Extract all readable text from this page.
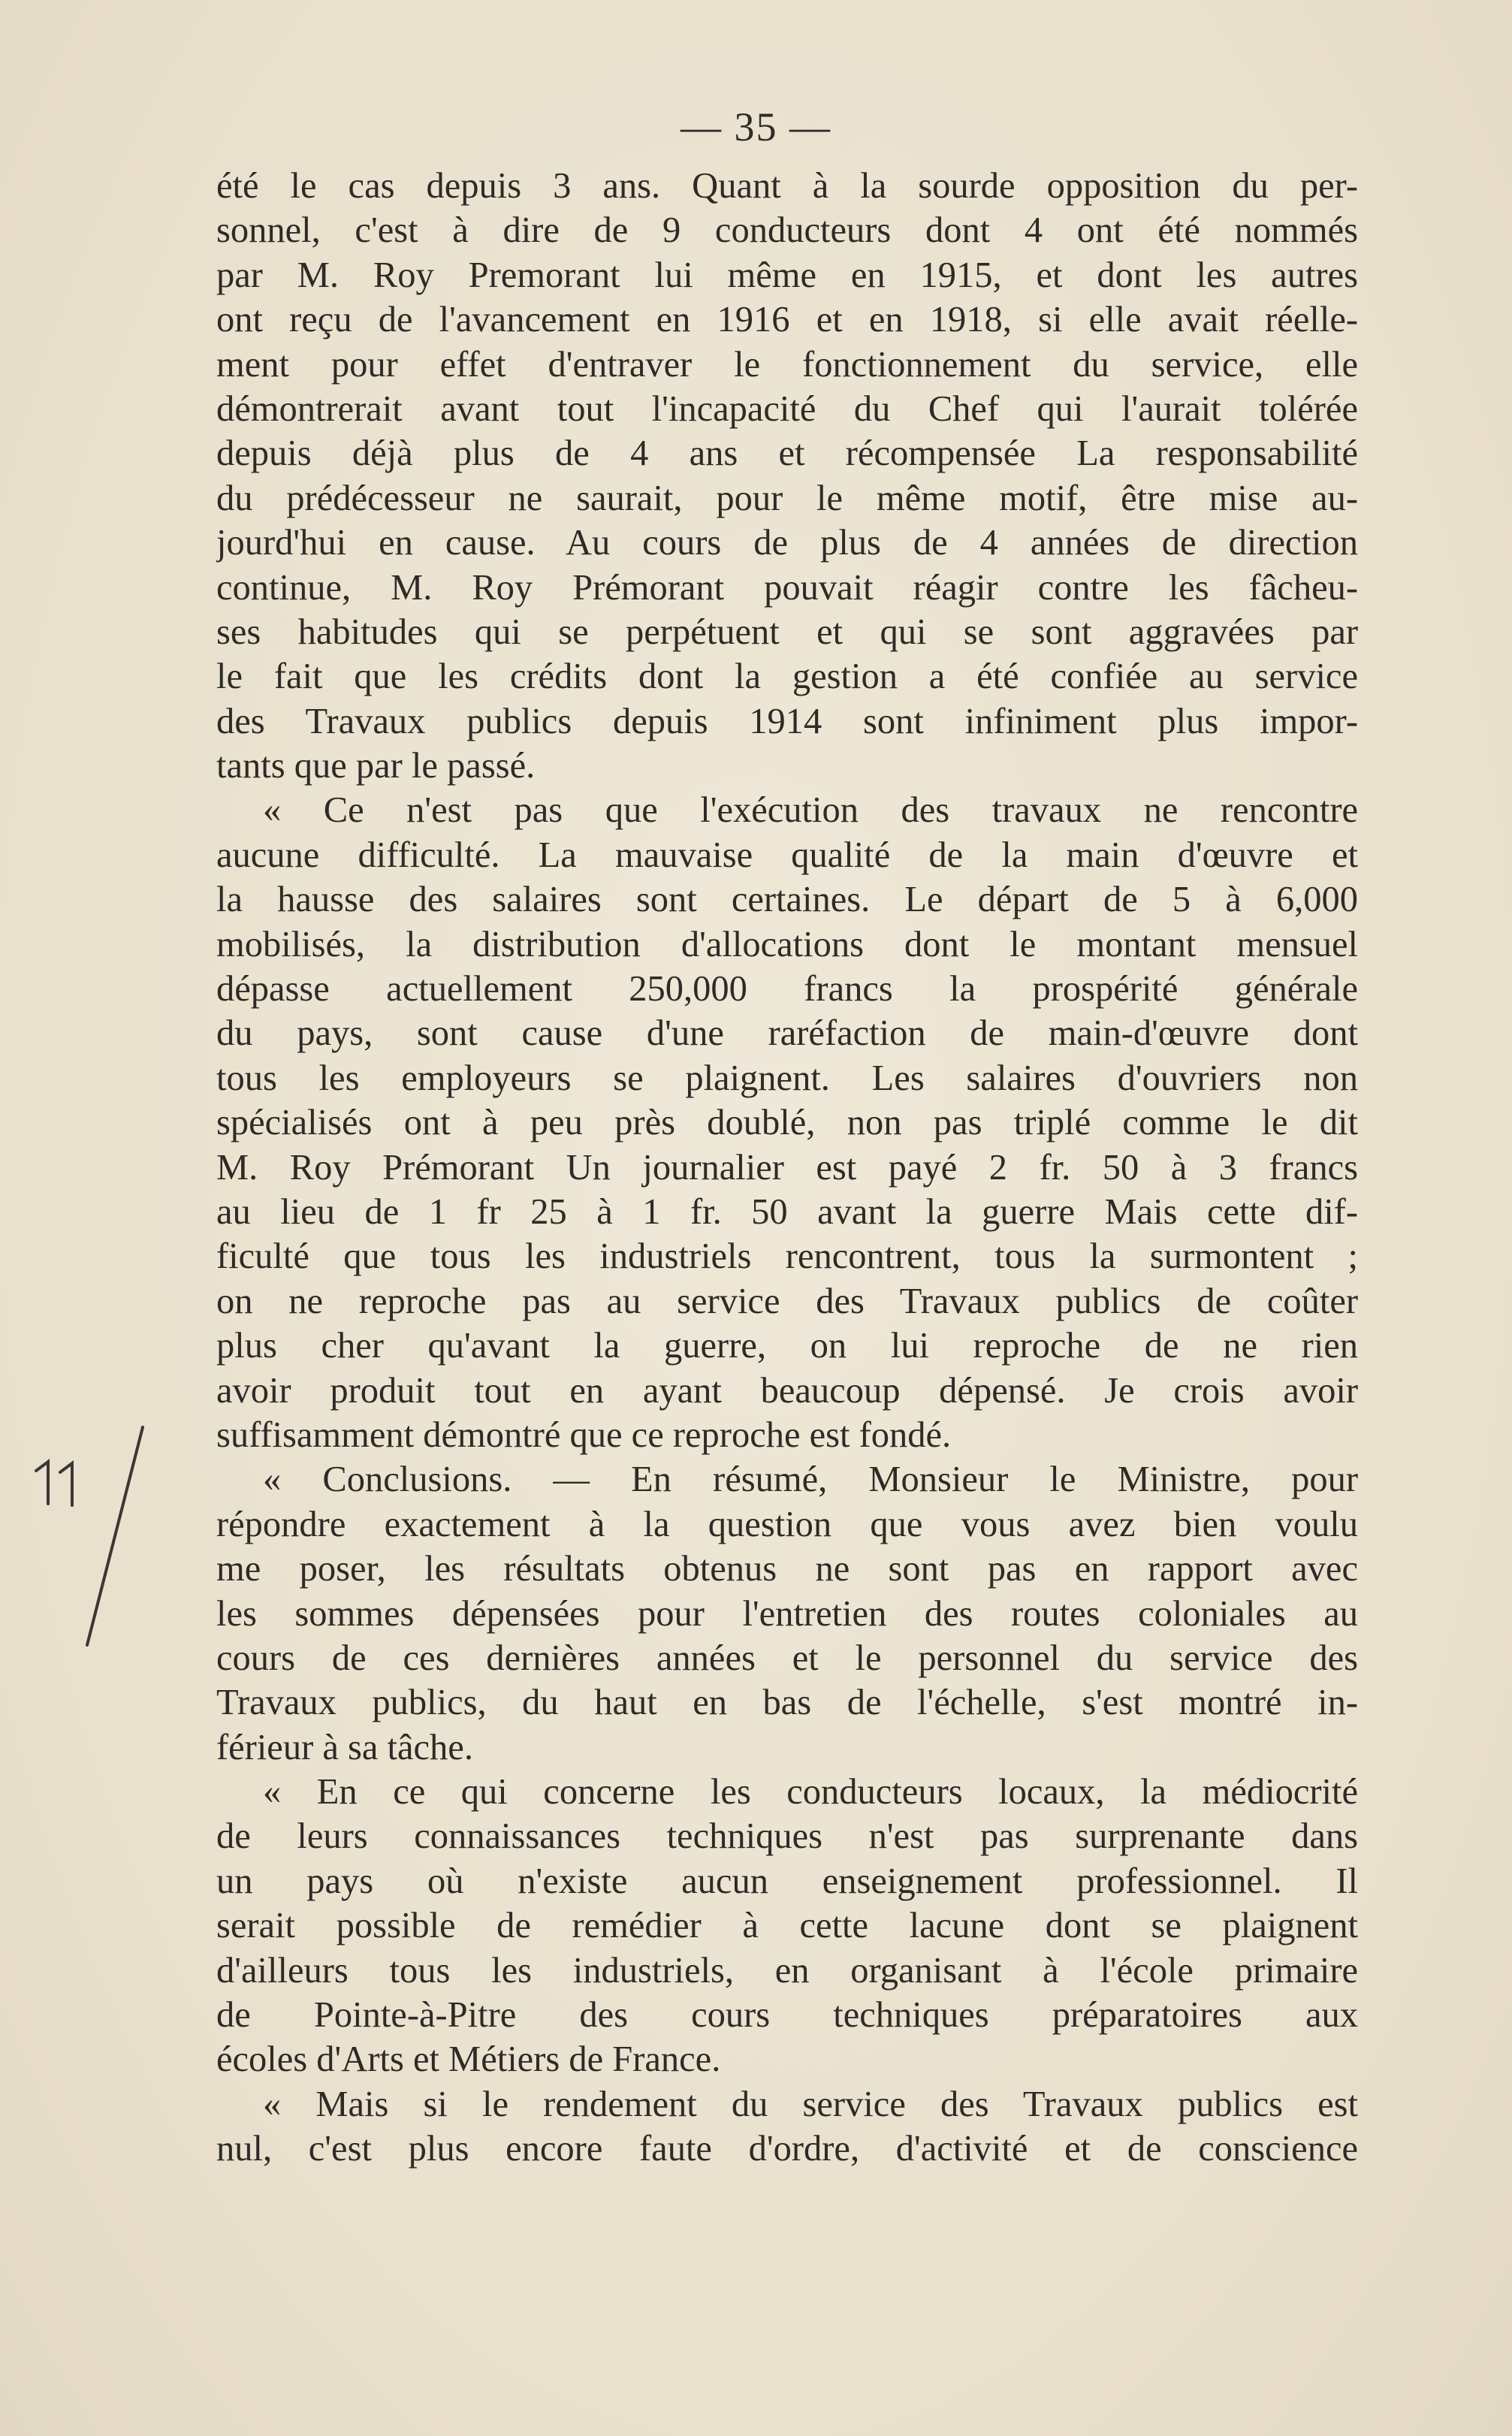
— 35 —
été le cas depuis 3 ans. Quant à la sourde opposition du per-
sonnel, c'est à dire de 9 conducteurs dont 4 ont été nommés
par M. Roy Premorant lui même en 1915, et dont les autres
ont reçu de l'avancement en 1916 et en 1918, si elle avait réelle-
ment pour effet d'entraver le fonctionnement du service, elle
démontrerait avant tout l'incapacité du Chef qui l'aurait tolérée
depuis déjà plus de 4 ans et récompensée La responsabilité
du prédécesseur ne saurait, pour le même motif, être mise au-
jourd'hui en cause. Au cours de plus de 4 années de direction
continue, M. Roy Prémorant pouvait réagir contre les fâcheu-
ses habitudes qui se perpétuent et qui se sont aggravées par
le fait que les crédits dont la gestion a été confiée au service
des Travaux publics depuis 1914 sont infiniment plus impor-
tants que par le passé.
« Ce n'est pas que l'exécution des travaux ne rencontre
aucune difficulté. La mauvaise qualité de la main d'œuvre et
la hausse des salaires sont certaines. Le départ de 5 à 6,000
mobilisés, la distribution d'allocations dont le montant mensuel
dépasse actuellement 250,000 francs la prospérité générale
du pays, sont cause d'une raréfaction de main-d'œuvre dont
tous les employeurs se plaignent. Les salaires d'ouvriers non
spécialisés ont à peu près doublé, non pas triplé comme le dit
M. Roy Prémorant Un journalier est payé 2 fr. 50 à 3 francs
au lieu de 1 fr 25 à 1 fr. 50 avant la guerre Mais cette dif-
ficulté que tous les industriels rencontrent, tous la surmontent ;
on ne reproche pas au service des Travaux publics de coûter
plus cher qu'avant la guerre, on lui reproche de ne rien
avoir produit tout en ayant beaucoup dépensé. Je crois avoir
suffisamment démontré que ce reproche est fondé.
« Conclusions. — En résumé, Monsieur le Ministre, pour
répondre exactement à la question que vous avez bien voulu
me poser, les résultats obtenus ne sont pas en rapport avec
les sommes dépensées pour l'entretien des routes coloniales au
cours de ces dernières années et le personnel du service des
Travaux publics, du haut en bas de l'échelle, s'est montré in-
férieur à sa tâche.
« En ce qui concerne les conducteurs locaux, la médiocrité
de leurs connaissances techniques n'est pas surprenante dans
un pays où n'existe aucun enseignement professionnel. Il
serait possible de remédier à cette lacune dont se plaignent
d'ailleurs tous les industriels, en organisant à l'école primaire
de Pointe-à-Pitre des cours techniques préparatoires aux
écoles d'Arts et Métiers de France.
« Mais si le rendement du service des Travaux publics est
nul, c'est plus encore faute d'ordre, d'activité et de conscience
